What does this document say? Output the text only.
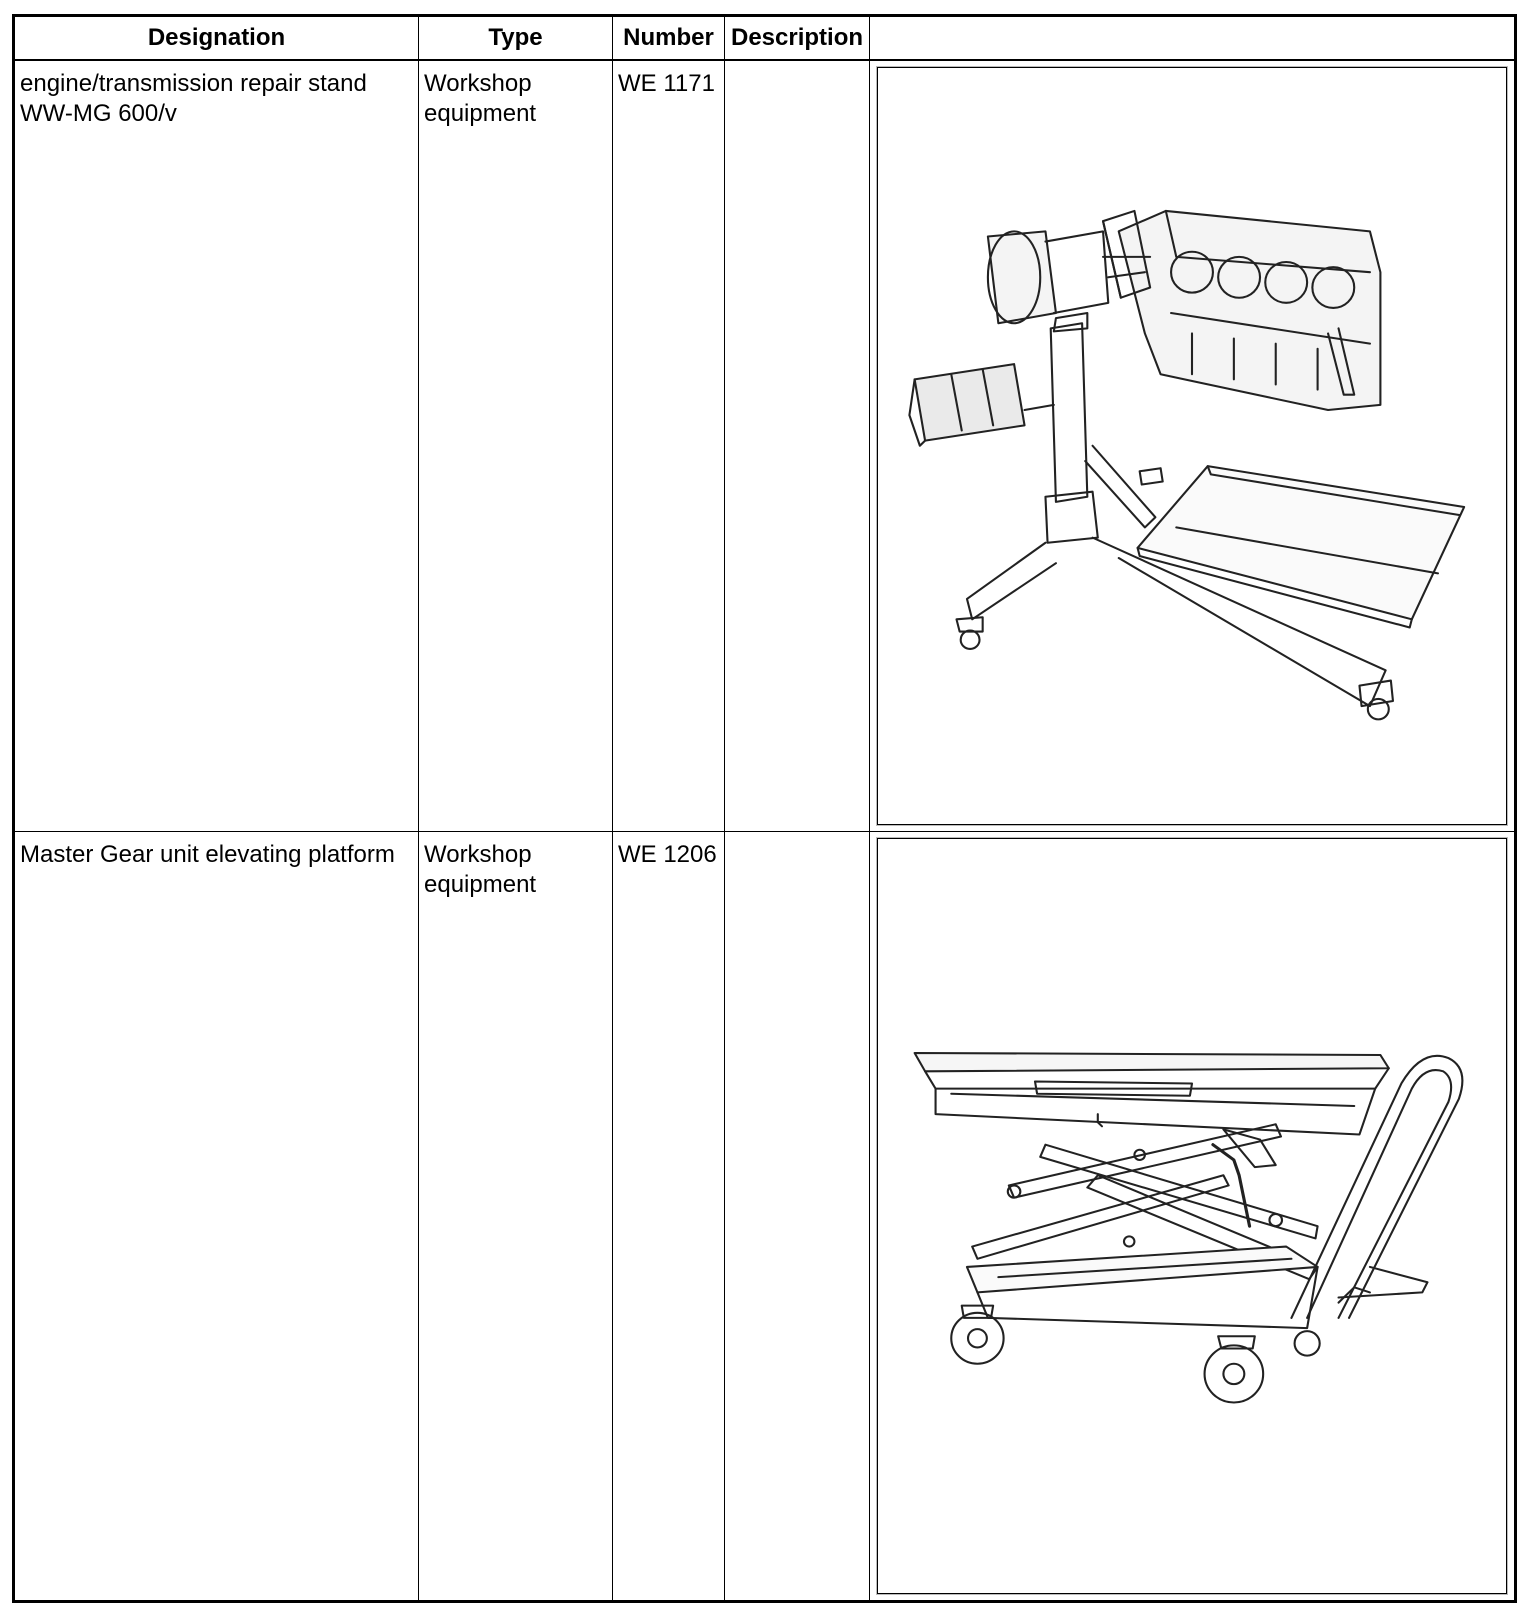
Designation	Type	Number	Description	
engine/transmission repair stand WW-MG 600/v	Workshop equipment	WE 1171		

Master Gear unit elevating platform	Workshop equipment	WE 1206		
